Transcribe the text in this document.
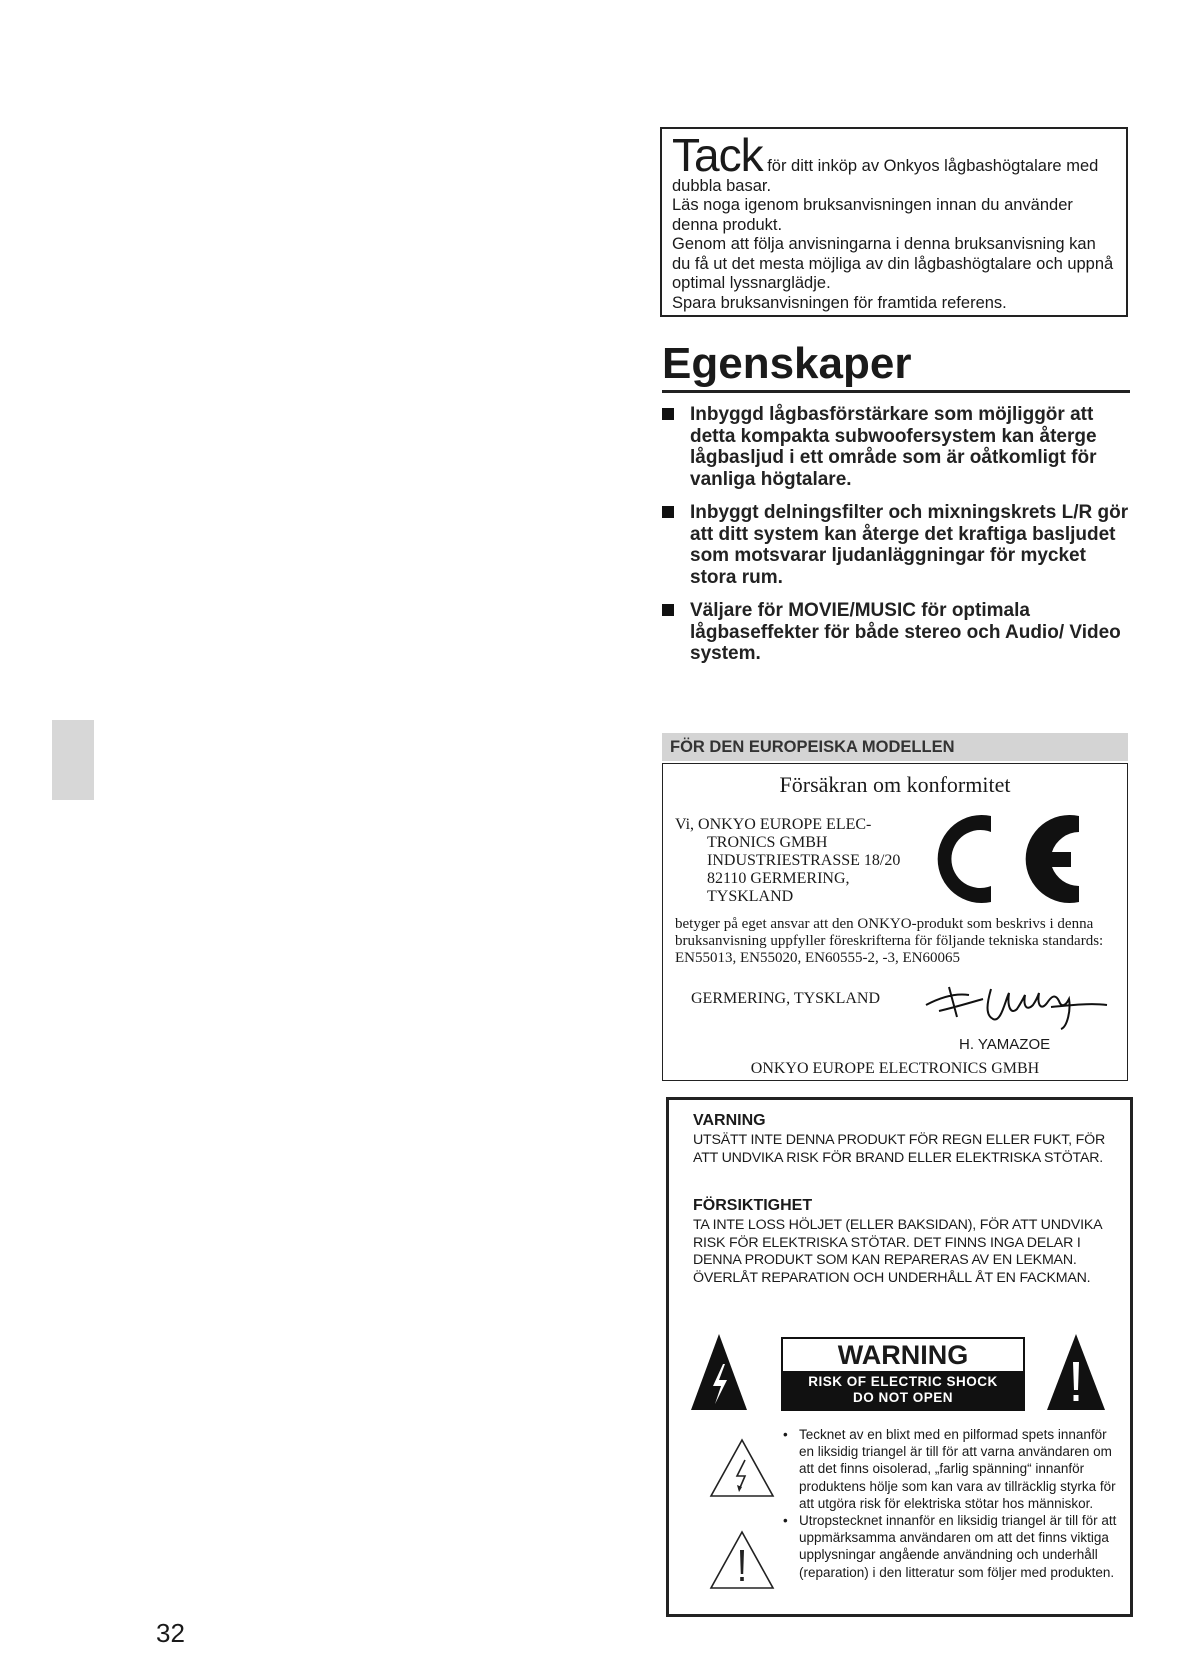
Tack för ditt inköp av Onkyos lågbashögtalare med dubbla basar.

Läs noga igenom bruksanvisningen innan du använder denna produkt.

Genom att följa anvisningarna i denna bruksanvisning kan du få ut det mesta möjliga av din lågbashögtalare och uppnå optimal lyssnarglädje.

Spara bruksanvisningen för framtida referens.

Egenskaper
Inbyggd lågbasförstärkare som möjliggör att detta kompakta subwoofersystem kan återge lågbasljud i ett område som är oåtkomligt för vanliga högtalare.
Inbyggt delningsfilter och mixningskrets L/R gör att ditt system kan återge det kraftiga basljudet som motsvarar ljudanläggningar för mycket stora rum.
Väljare för MOVIE/MUSIC för optimala lågbaseffekter för både stereo och Audio/ Video system.
FÖR DEN EUROPEISKA MODELLEN
Försäkran om konformitet
Vi, ONKYO EUROPE ELEC-
TRONICS GMBH
INDUSTRIESTRASSE 18/20
82110 GERMERING,
TYSKLAND
betyger på eget ansvar att den ONKYO-produkt som beskrivs i denna bruksanvisning uppfyller föreskrifterna för följande tekniska standards: EN55013, EN55020, EN60555-2, -3, EN60065
GERMERING, TYSKLAND
H. YAMAZOE
ONKYO EUROPE ELECTRONICS GMBH
VARNING
UTSÄTT INTE DENNA PRODUKT FÖR REGN ELLER FUKT, FÖR ATT UNDVIKA RISK FÖR BRAND ELLER ELEKTRISKA STÖTAR.
FÖRSIKTIGHET
TA INTE LOSS HÖLJET (ELLER BAKSIDAN), FÖR ATT UNDVIKA RISK FÖR ELEKTRISKA STÖTAR. DET FINNS INGA DELAR I DENNA PRODUKT SOM KAN REPARERAS AV EN LEKMAN. ÖVERLÅT REPARATION OCH UNDERHÅLL ÅT EN FACKMAN.
WARNING
RISK OF ELECTRIC SHOCK
DO NOT OPEN
• Tecknet av en blixt med en pilformad spets innanför en liksidig triangel är till för att varna användaren om att det finns oisolerad, „farlig spänning“ innanför produktens hölje som kan vara av tillräcklig styrka för att utgöra risk för elektriska stötar hos människor.
• Utropstecknet innanför en liksidig triangel är till för att uppmärksamma användaren om att det finns viktiga upplysningar angående användning och underhåll (reparation) i den litteratur som följer med produkten.
32
